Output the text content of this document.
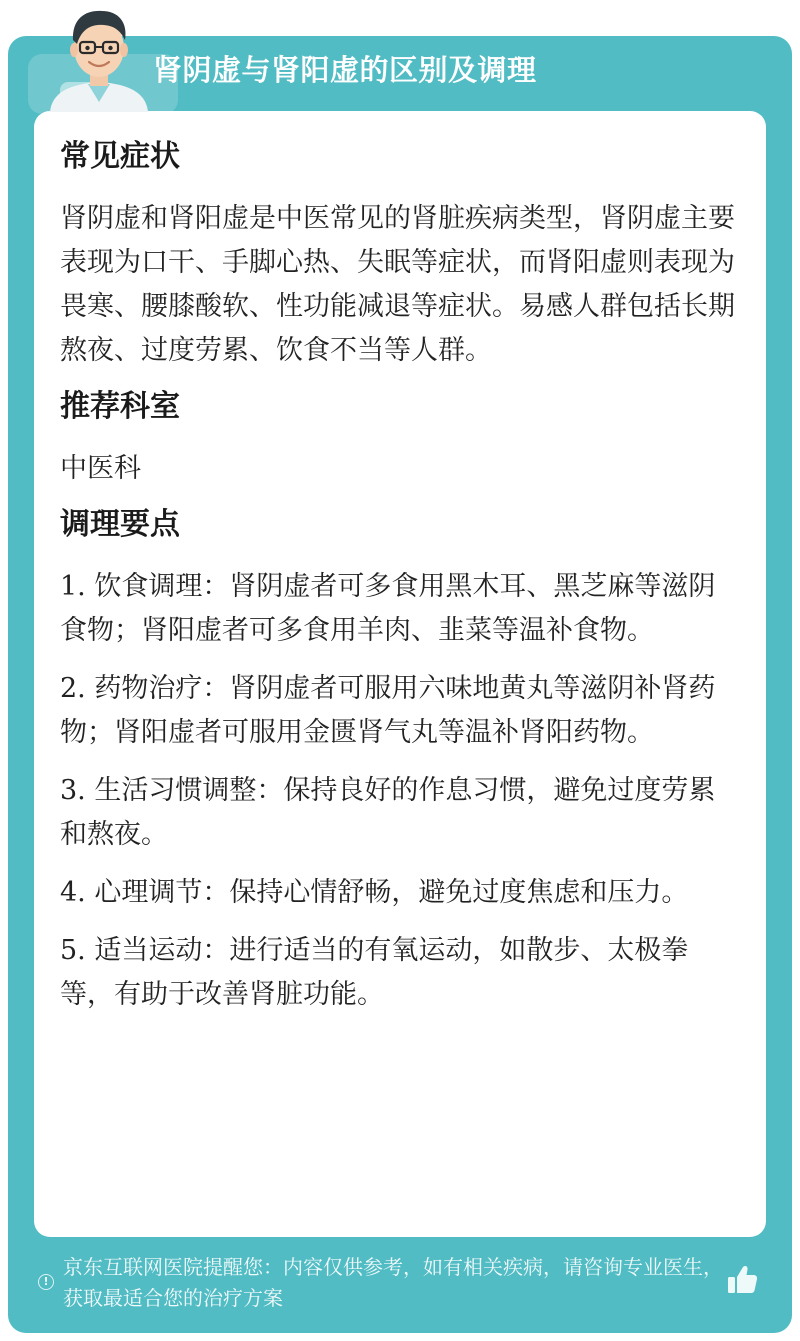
肾阴虚与肾阳虚的区别及调理
常见症状

肾阴虚和肾阳虚是中医常见的肾脏疾病类型，肾阴虚主要表现为口干、手脚心热、失眠等症状，而肾阳虚则表现为畏寒、腰膝酸软、性功能减退等症状。易感人群包括长期熬夜、过度劳累、饮食不当等人群。

推荐科室

中医科

调理要点

1. 饮食调理：肾阴虚者可多食用黑木耳、黑芝麻等滋阴食物；肾阳虚者可多食用羊肉、韭菜等温补食物。

2. 药物治疗：肾阴虚者可服用六味地黄丸等滋阴补肾药物；肾阳虚者可服用金匮肾气丸等温补肾阳药物。

3. 生活习惯调整：保持良好的作息习惯，避免过度劳累和熬夜。

4. 心理调节：保持心情舒畅，避免过度焦虑和压力。

5. 适当运动：进行适当的有氧运动，如散步、太极拳等，有助于改善肾脏功能。

!

京东互联网医院提醒您：内容仅供参考，如有相关疾病，请咨询专业医生，获取最适合您的治疗方案
